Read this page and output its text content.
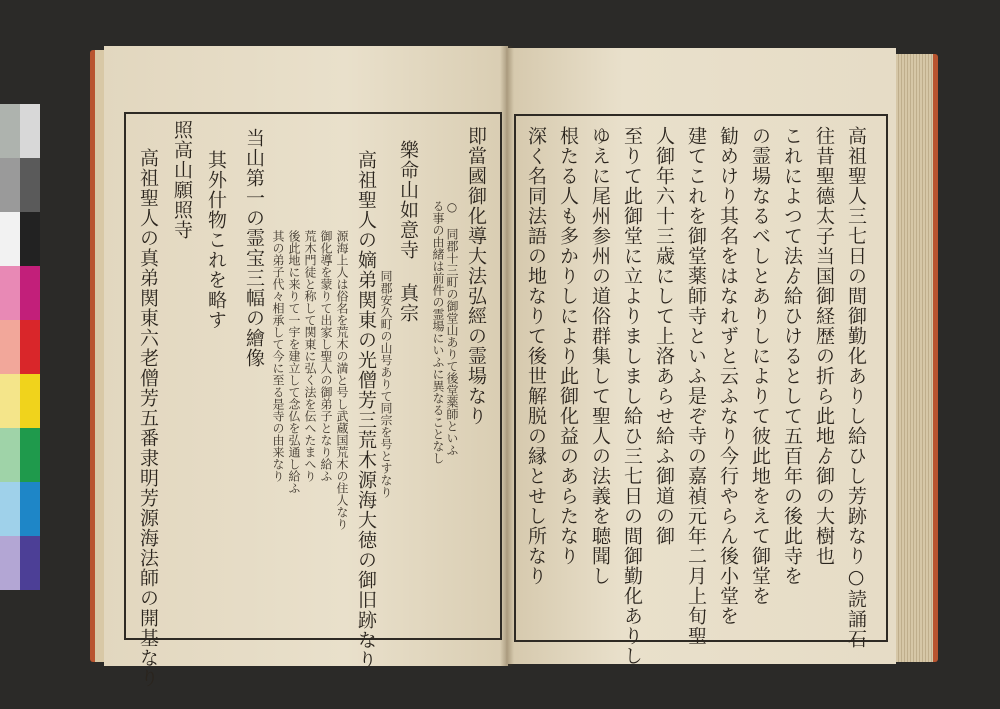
高祖聖人三七日の間御勤化ありし給ひし芳跡なり○読誦石
往昔聖德太子当国御経歴の折ら此地ゟ御の大樹也
これによつて法ゟ給ひけるとして五百年の後此寺を
の霊場なるべしとありしによりて彼此地をえて御堂を
勧めけり其名をはなれずと云ふなり今行やらん後小堂を
建てこれを御堂薬師寺といふ是ぞ寺の嘉禎元年二月上旬聖
人御年六十三歳にして上洛あらせ給ふ御道の御
至りて此御堂に立よりましまし給ひ三七日の間御勤化ありし
ゆえに尾州参州の道俗群集して聖人の法義を聴聞し
根たる人も多かりしにより此御化益のあらたなり
深く名同法語の地なりて後世解脱の縁とせし所なり
即當國御化導大法弘經の霊場なり
○ 同郡十三町の御堂山ありて後堂薬師といふ
る事の由緒は前件の霊場にいふに異なることなし
樂命山如意寺 真宗
同郡安久町の山号ありて同宗を号とすなり
高祖聖人の嫡弟関東の光僧芳三荒木源海大徳の御旧跡なり
源海上人は俗名を荒木の満と号し武蔵国荒木の住人なり
御化導を蒙りて出家し聖人の御弟子となり給ふ
荒木門徒と称して関東に弘く法を伝へたまへり
後此地に来りて一宇を建立して念仏を弘通し給ふ
其の弟子代々相承して今に至る是寺の由来なり
当山第一の霊宝三幅の繪像
其外什物これを略す
照高山願照寺
高祖聖人の真弟関東六老僧芳五番隶明芳源海法師の開基なり
